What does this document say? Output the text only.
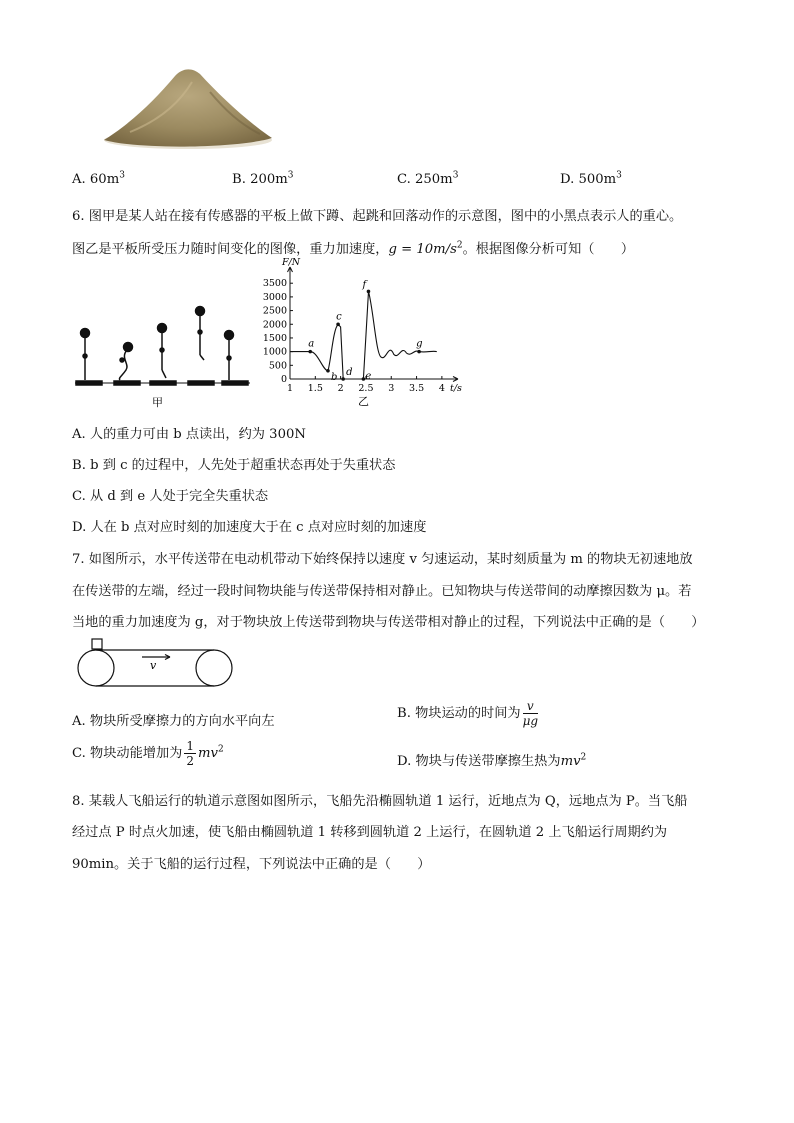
A. $60m^3$	B. $200m^3$	C. $250m^3$	D. $500m^3$
6. 图甲是某人站在接有传感器的平板上做下蹲、起跳和回落动作的示意图，图中的小黑点表示人的重心。
图乙是平板所受压力随时间变化的图像，重力加速度，$g = 10m/s^2$。根据图像分析可知（　　）
甲
0
500
1000
1500
2000
2500
3000
3500
1 1.5 2 2.5 3 3.5 4
F/N
t/s
a
b
c
d e
f
g
乙
A. 人的重力可由 b 点读出，约为 300N
B. b 到 c 的过程中，人先处于超重状态再处于失重状态
C. 从 d 到 e 人处于完全失重状态
D. 人在 b 点对应时刻的加速度大于在 c 点对应时刻的加速度
7. 如图所示，水平传送带在电动机带动下始终保持以速度 v 匀速运动，某时刻质量为 m 的物块无初速地放
在传送带的左端，经过一段时间物块能与传送带保持相对静止。已知物块与传送带间的动摩擦因数为 μ。若
当地的重力加速度为 g，对于物块放上传送带到物块与传送带相对静止的过程，下列说法中正确的是（　　）
v
A. 物块所受摩擦力的方向水平向左
B. 物块运动的时间为 $\frac{v}{\mu g}$
C. 物块动能增加为 $\frac{1}{2} mv^2$
D. 物块与传送带摩擦生热为$mv^2$
8. 某载人飞船运行的轨道示意图如图所示，飞船先沿椭圆轨道 1 运行，近地点为 Q，远地点为 P。当飞船
经过点 P 时点火加速，使飞船由椭圆轨道 1 转移到圆轨道 2 上运行，在圆轨道 2 上飞船运行周期约为
90min。关于飞船的运行过程，下列说法中正确的是（　　）
